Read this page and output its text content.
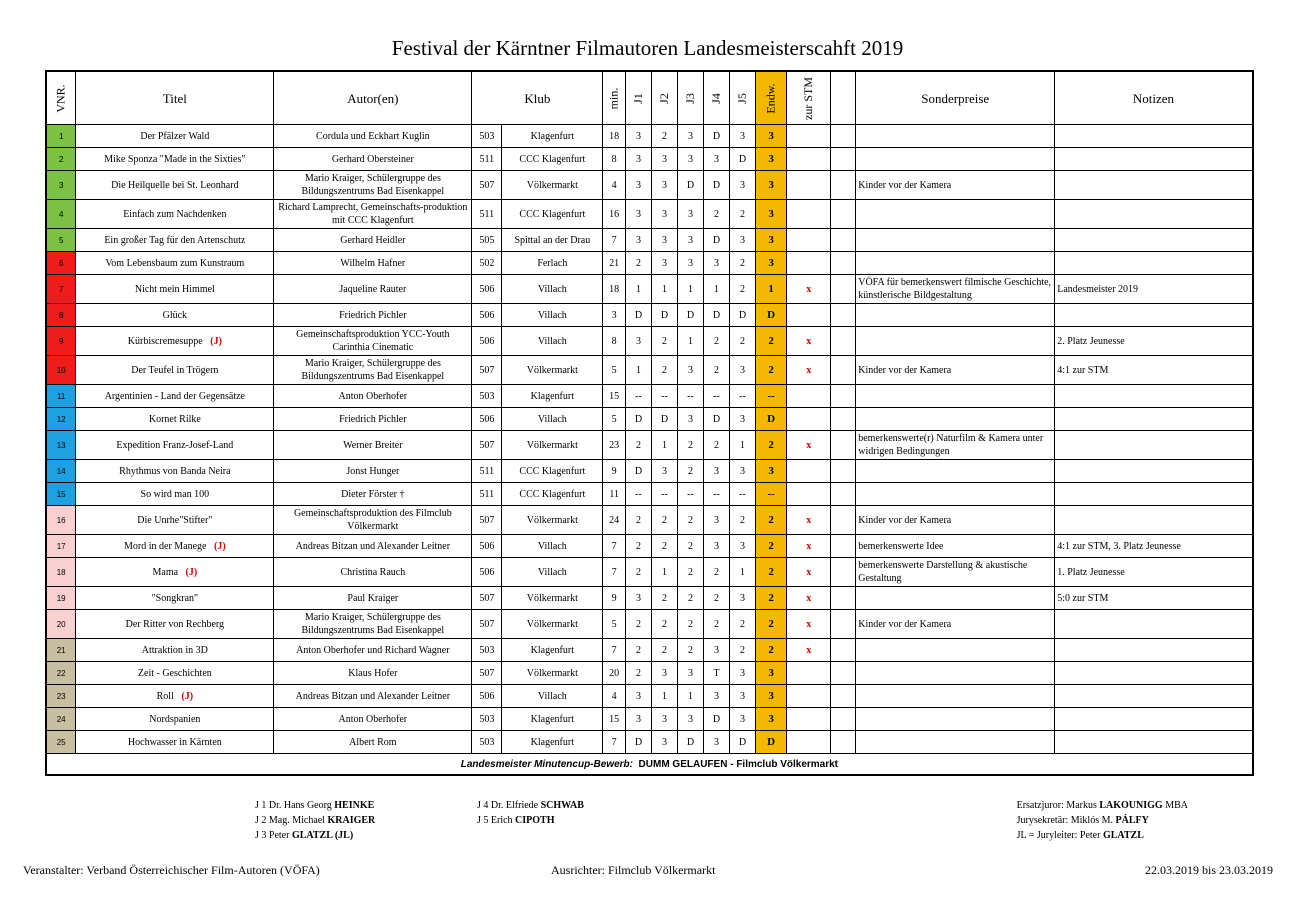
Festival der Kärntner Filmautoren Landesmeisterscahft 2019
VNR.	Titel	Autor(en)	Klub		min.	J1	J2	J3	J4	J5	Endw.	zur STM		Sonderpreise	Notizen
1	Der Pfälzer Wald	Cordula und Eckhart Kuglin	503	Klagenfurt	18	3	2	3	D	3	3				
2	Mike Sponza "Made in the Sixties"	Gerhard Obersteiner	511	CCC Klagenfurt	8	3	3	3	3	D	3				
3	Die Heilquelle bei St. Leonhard	Mario Kraiger, Schülergruppe des Bildungszentrums Bad Eisenkappel	507	Völkermarkt	4	3	3	D	D	3	3			Kinder vor der Kamera	
4	Einfach zum Nachdenken	Richard Lamprecht, Gemeinschafts-produktion mit CCC Klagenfurt	511	CCC Klagenfurt	16	3	3	3	2	2	3				
5	Ein großer Tag für den Artenschutz	Gerhard Heidler	505	Spittal an der Drau	7	3	3	3	D	3	3				
6	Vom Lebensbaum zum Kunstraum	Wilhelm Hafner	502	Ferlach	21	2	3	3	3	2	3				
7	Nicht mein Himmel	Jaqueline Rauter	506	Villach	18	1	1	1	1	2	1	x		VÖFA für bemerkenswert filmische Geschichte, künstlerische Bildgestaltung	Landesmeister 2019
8	Glück	Friedrich Pichler	506	Villach	3	D	D	D	D	D	D				
9	Kürbiscremesuppe (J)	Gemeinschaftsproduktion YCC-Youth Carinthia Cinematic	506	Villach	8	3	2	1	2	2	2	x			2. Platz Jeunesse
10	Der Teufel in Trögern	Mario Kraiger, Schülergruppe des Bildungszentrums Bad Eisenkappel	507	Völkermarkt	5	1	2	3	2	3	2	x		Kinder vor der Kamera	4:1 zur STM
11	Argentinien - Land der Gegensätze	Anton Oberhofer	503	Klagenfurt	15	--	--	--	--	--	--				
12	Kornet Rilke	Friedrich Pichler	506	Villach	5	D	D	3	D	3	D				
13	Expedition Franz-Josef-Land	Werner Breiter	507	Völkermarkt	23	2	1	2	2	1	2	x		bemerkenswerte(r) Naturfilm & Kamera unter widrigen Bedingungen	
14	Rhythmus von Banda Neira	Jonst Hunger	511	CCC Klagenfurt	9	D	3	2	3	3	3				
15	So wird man 100	Dieter Förster †	511	CCC Klagenfurt	11	--	--	--	--	--	--				
16	Die Unrhe"Stifter"	Gemeinschaftsproduktion des Filmclub Völkermarkt	507	Völkermarkt	24	2	2	2	3	2	2	x		Kinder vor der Kamera	
17	Mord in der Manege (J)	Andreas Bitzan und Alexander Leitner	506	Villach	7	2	2	2	3	3	2	x		bemerkenswerte Idee	4:1 zur STM, 3. Platz Jeunesse
18	Mama (J)	Christina Rauch	506	Villach	7	2	1	2	2	1	2	x		bemerkenswerte Darstellung & akustische Gestaltung	1. Platz Jeunesse
19	"Songkran"	Paul Kraiger	507	Völkermarkt	9	3	2	2	2	3	2	x			5:0 zur STM
20	Der Ritter von Rechberg	Mario Kraiger, Schülergruppe des Bildungszentrums Bad Eisenkappel	507	Völkermarkt	5	2	2	2	2	2	2	x		Kinder vor der Kamera	
21	Attraktion in 3D	Anton Oberhofer und Richard Wagner	503	Klagenfurt	7	2	2	2	3	2	2	x			
22	Zeit - Geschichten	Klaus Hofer	507	Völkermarkt	20	2	3	3	T	3	3				
23	Roll (J)	Andreas Bitzan und Alexander Leitner	506	Villach	4	3	1	1	3	3	3				
24	Nordspanien	Anton Oberhofer	503	Klagenfurt	15	3	3	3	D	3	3				
25	Hochwasser in Kärnten	Albert Rom	503	Klagenfurt	7	D	3	D	3	D	D				
Landesmeister Minutencup-Bewerb: DUMM GELAUFEN - Filmclub Völkermarkt															
J 1 Dr. Hans Georg HEINKE
J 2 Mag. Michael KRAIGER
J 3 Peter GLATZL (JL)
J 4 Dr. Elfriede SCHWAB
J 5 Erich CIPOTH
Ersatzjuror: Markus LAKOUNIGG MBA
Jurysekretär: Miklós M. PÁLFY
JL = Juryleiter: Peter GLATZL
Veranstalter: Verband Österreichischer Film-Autoren (VÖFA)	Ausrichter: Filmclub Völkermarkt	22.03.2019 bis 23.03.2019
